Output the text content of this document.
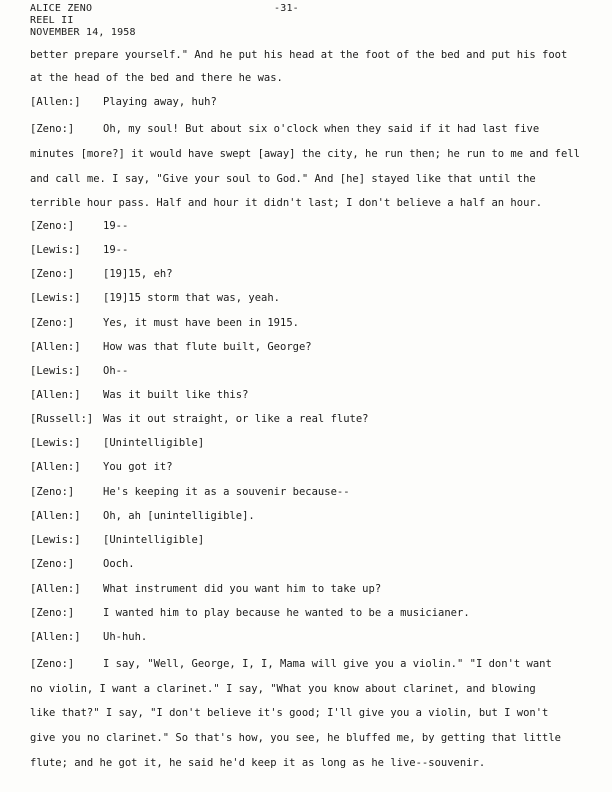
ALICE ZENO	-31-
REEL II
NOVEMBER 14, 1958
better prepare yourself." And he put his head at the foot of the bed and put his foot
at the head of the bed and there he was.
[Allen:] Playing away, huh?
[Zeno:]	Oh, my soul! But about six o'clock when they said if it had last five
minutes [more?] it would have swept [away] the city, he run then; he run to me and fell
and call me. I say, "Give your soul to God." And [he] stayed like that until the
terrible hour pass. Half and hour it didn't last; I don't believe a half an hour.
[Zeno:]	19--
[Lewis:] 19--
[Zeno:]	[19]15, eh?
[Lewis:] [19]15 storm that was, yeah.
[Zeno:]	Yes, it must have been in 1915.
[Allen:] How was that flute built, George?
[Lewis:] Oh--
[Allen:] Was it built like this?
[Russell:] Was it out straight, or like a real flute?
[Lewis:] [Unintelligible]
[Allen:] You got it?
[Zeno:]	He's keeping it as a souvenir because--
[Allen:] Oh, ah [unintelligible].
[Lewis:] [Unintelligible]
[Zeno:]	Ooch.
[Allen:] What instrument did you want him to take up?
[Zeno:]	I wanted him to play because he wanted to be a musicianer.
[Allen:] Uh-huh.
[Zeno:]	I say, "Well, George, I, I, Mama will give you a violin." "I don't want
no violin, I want a clarinet." I say, "What you know about clarinet, and blowing
like that?" I say, "I don't believe it's good; I'll give you a violin, but I won't
give you no clarinet." So that's how, you see, he bluffed me, by getting that little
flute; and he got it, he said he'd keep it as long as he live--souvenir.
